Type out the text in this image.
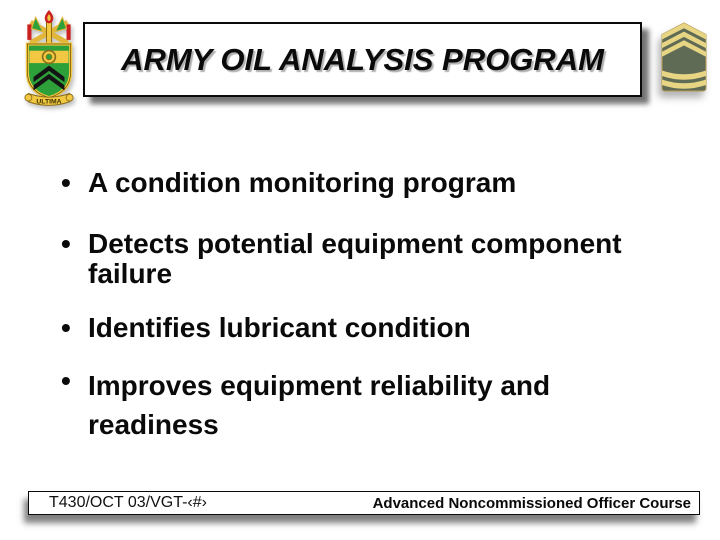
ULTIMA
ARMY OIL ANALYSIS PROGRAM
• A condition monitoring program
• Detects potential equipment component
failure
• Identifies lubricant condition
• Improves equipment reliability and
readiness
T430/OCT 03/VGT-‹#›	Advanced Noncommissioned Officer Course
